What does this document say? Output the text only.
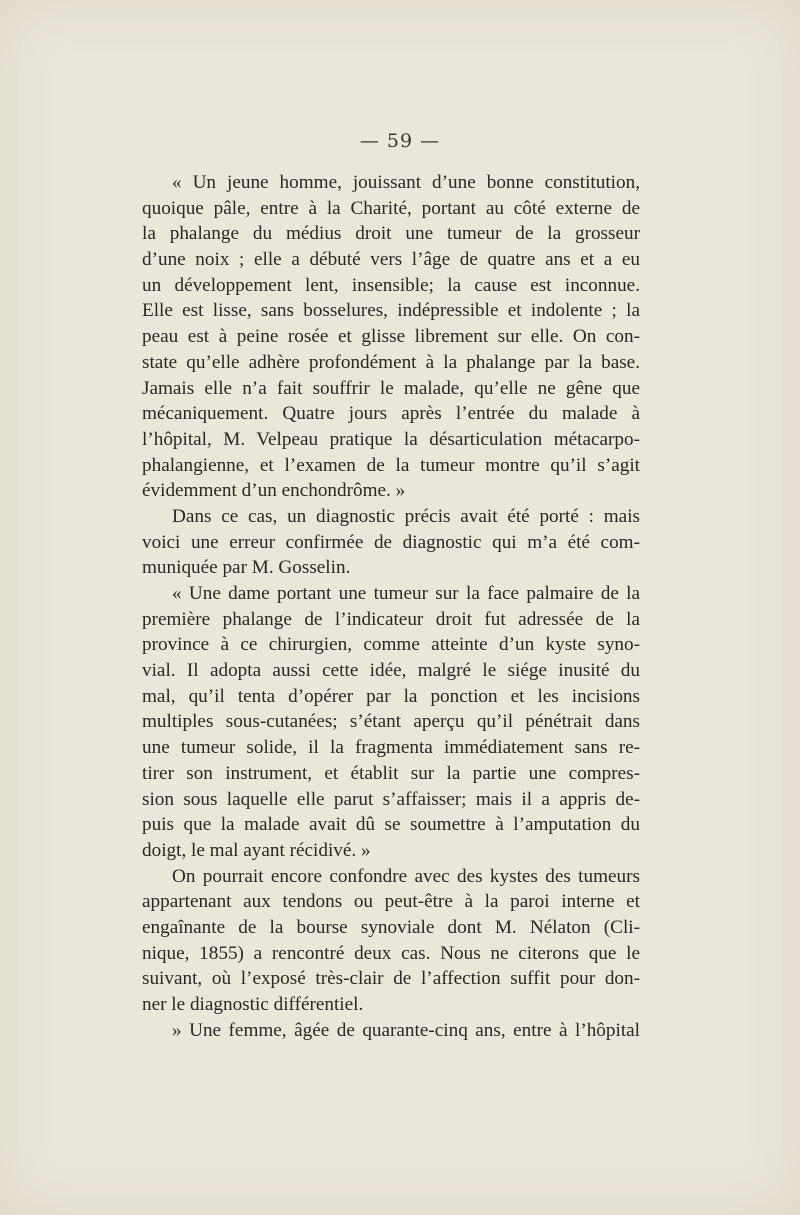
— 59 —
« Un jeune homme, jouissant d’une bonne constitution,
quoique pâle, entre à la Charité, portant au côté externe de
la phalange du médius droit une tumeur de la grosseur
d’une noix ; elle a débuté vers l’âge de quatre ans et a eu
un développement lent, insensible; la cause est inconnue.
Elle est lisse, sans bosselures, indépressible et indolente ; la
peau est à peine rosée et glisse librement sur elle. On con-
state qu’elle adhère profondément à la phalange par la base.
Jamais elle n’a fait souffrir le malade, qu’elle ne gêne que
mécaniquement. Quatre jours après l’entrée du malade à
l’hôpital, M. Velpeau pratique la désarticulation métacarpo-
phalangienne, et l’examen de la tumeur montre qu’il s’agit
évidemment d’un enchondrôme. »
Dans ce cas, un diagnostic précis avait été porté : mais
voici une erreur confirmée de diagnostic qui m’a été com-
muniquée par M. Gosselin.
« Une dame portant une tumeur sur la face palmaire de la
première phalange de l’indicateur droit fut adressée de la
province à ce chirurgien, comme atteinte d’un kyste syno-
vial. Il adopta aussi cette idée, malgré le siége inusité du
mal, qu’il tenta d’opérer par la ponction et les incisions
multiples sous-cutanées; s’étant aperçu qu’il pénétrait dans
une tumeur solide, il la fragmenta immédiatement sans re-
tirer son instrument, et établit sur la partie une compres-
sion sous laquelle elle parut s’affaisser; mais il a appris de-
puis que la malade avait dû se soumettre à l’amputation du
doigt, le mal ayant récidivé. »
On pourrait encore confondre avec des kystes des tumeurs
appartenant aux tendons ou peut-être à la paroi interne et
engaînante de la bourse synoviale dont M. Nélaton (Cli-
nique, 1855) a rencontré deux cas. Nous ne citerons que le
suivant, où l’exposé très-clair de l’affection suffit pour don-
ner le diagnostic différentiel.
» Une femme, âgée de quarante-cinq ans, entre à l’hôpital
